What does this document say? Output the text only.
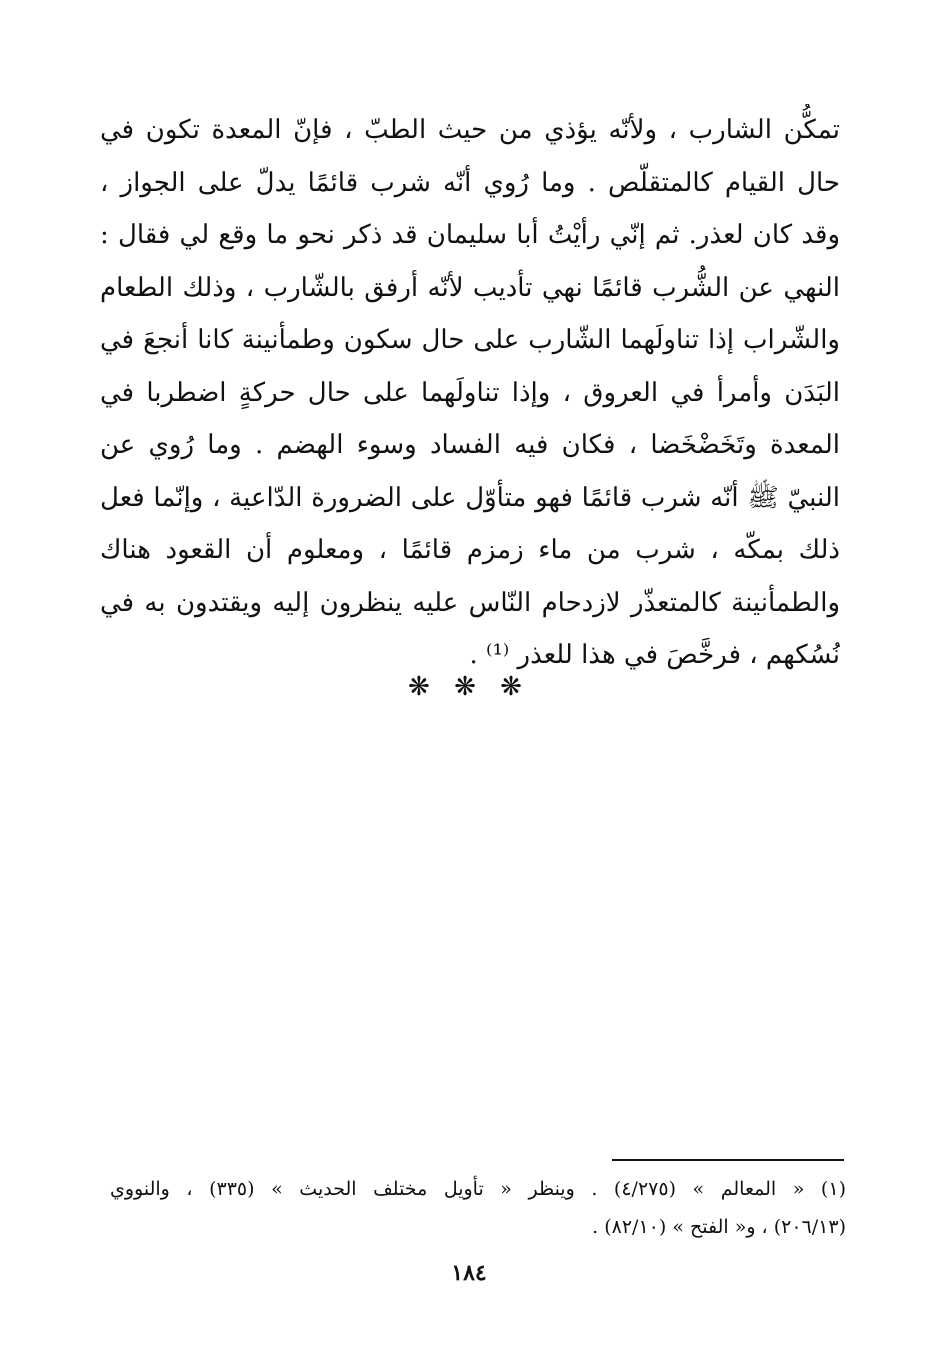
تمكُّن الشارب ، ولأنّه يؤذي من حيث الطبّ ، فإنّ المعدة تكون في
حال القيام كالمتقلّص . وما رُوي أنّه شرب قائمًا يدلّ على الجواز ،
وقد كان لعذر. ثم إنّي رأيْتُ أبا سليمان قد ذكر نحو ما وقع لي فقال :
النهي عن الشُّرب قائمًا نهي تأديب لأنّه أرفق بالشّارب ، وذلك الطعام
والشّراب إذا تناولَهما الشّارب على حال سكون وطمأنينة كانا أنجعَ في
البَدَن وأمرأ في العروق ، وإذا تناولَهما على حال حركةٍ اضطربا في
المعدة وتَخَضْخَضا ، فكان فيه الفساد وسوء الهضم . وما رُوي عن
النبيّ ﷺ أنّه شرب قائمًا فهو متأوّل على الضرورة الدّاعية ، وإنّما فعل
ذلك بمكّه ، شرب من ماء زمزم قائمًا ، ومعلوم أن القعود هناك
والطمأنينة كالمتعذّر لازدحام النّاس عليه ينظرون إليه ويقتدون به في
نُسُكهم ، فرخَّصَ في هذا للعذر ⁽¹⁾ .
❋ ❋ ❋
(١) « المعالم » (٤/٢٧٥) . وينظر « تأويل مختلف الحديث » (٣٣٥) ، والنووي
(٢٠٦/١٣) ، و« الفتح » (٨٢/١٠) .
١٨٤
